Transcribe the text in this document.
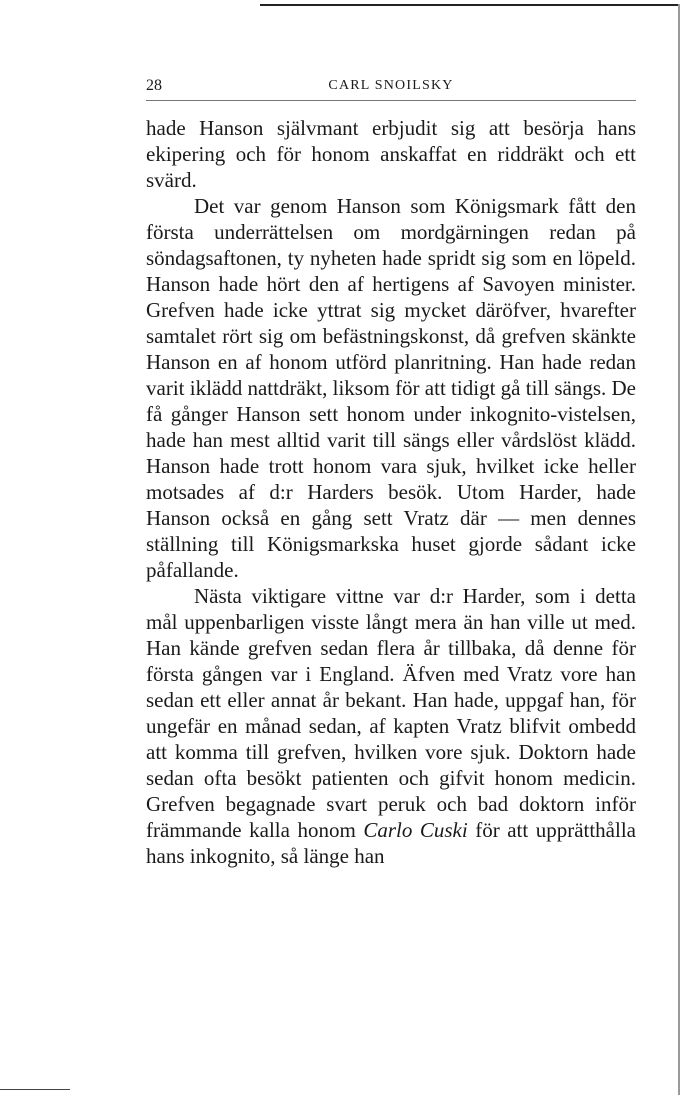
28	CARL SNOILSKY

hade Hanson självmant erbjudit sig att besörja hans ekipering och för honom anskaffat en riddräkt och ett svärd.

Det var genom Hanson som Königsmark fått den första underrättelsen om mordgärningen redan på söndagsaftonen, ty nyheten hade spridt sig som en löpeld. Hanson hade hört den af hertigens af Savoyen minister. Grefven hade icke yttrat sig mycket däröfver, hvarefter samtalet rört sig om befästningskonst, då grefven skänkte Hanson en af honom utförd planritning. Han hade redan varit iklädd nattdräkt, liksom för att tidigt gå till sängs. De få gånger Hanson sett honom under inkognito-vistelsen, hade han mest alltid varit till sängs eller vårdslöst klädd. Hanson hade trott honom vara sjuk, hvilket icke heller motsades af d:r Harders besök. Utom Harder, hade Hanson också en gång sett Vratz där — men dennes ställning till Königsmarkska huset gjorde sådant icke påfallande.

Nästa viktigare vittne var d:r Harder, som i detta mål uppenbarligen visste långt mera än han ville ut med. Han kände grefven sedan flera år tillbaka, då denne för första gången var i England. Äfven med Vratz vore han sedan ett eller annat år bekant. Han hade, uppgaf han, för ungefär en månad sedan, af kapten Vratz blifvit ombedd att komma till grefven, hvilken vore sjuk. Doktorn hade sedan ofta besökt patienten och gifvit honom medicin. Grefven begagnade svart peruk och bad doktorn inför främmande kalla honom Carlo Cuski för att upprätthålla hans inkognito, så länge han
